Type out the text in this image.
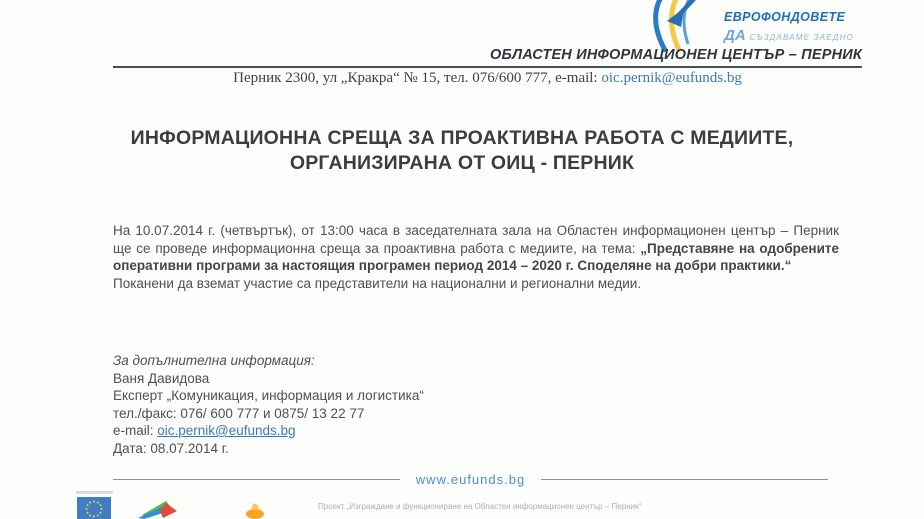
ЕВРОФОНДОВЕТЕ
ДА СЪЗДАВАМЕ ЗАЕДНО
ОБЛАСТЕН ИНФОРМАЦИОНЕН ЦЕНТЪР – ПЕРНИК
Перник 2300, ул „Кракра“ № 15, тел. 076/600 777, e-mail: oic.pernik@eufunds.bg
ИНФОРМАЦИОННА СРЕЩА ЗА ПРОАКТИВНА РАБОТА С МЕДИИТЕ,
ОРГАНИЗИРАНА ОТ ОИЦ - ПЕРНИК

На 10.07.2014 г. (четвъртък), от 13:00 часа в заседателната зала на Областен информационен център – Перник ще се проведе информационна среща за проактивна работа с медиите, на тема: „Представяне на одобрените оперативни програми за настоящия програмен период 2014 – 2020 г. Споделяне на добри практики.“

Поканени да вземат участие са представители на национални и регионални медии.

За допълнителна информация:
Ваня Давидова
Експерт „Комуникация, информация и логистика“
тел./факс: 076/ 600 777 и 0875/ 13 22 77
e-mail: oic.pernik@eufunds.bg
Дата: 08.07.2014 г.
www.eufunds.bg
Проект „Изграждане и функциониране на Областен информационен център – Перник“
